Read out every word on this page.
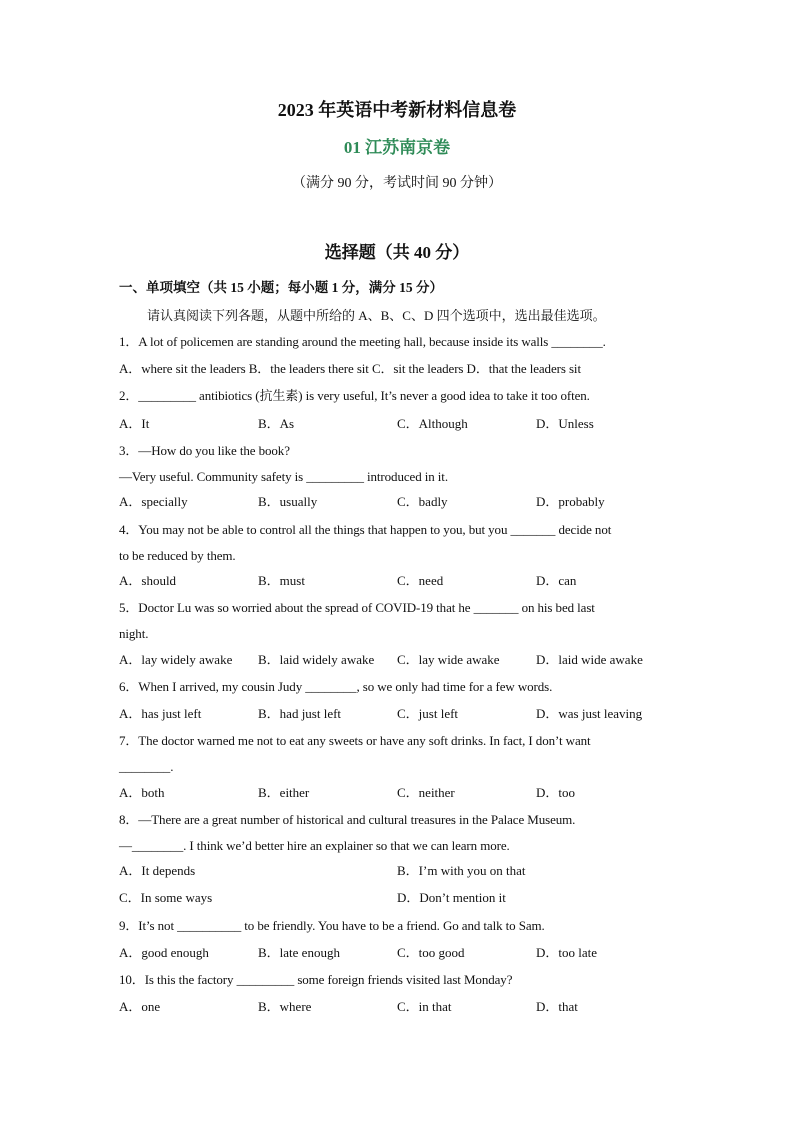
2023 年英语中考新材料信息卷
01 江苏南京卷
（满分 90 分，考试时间 90 分钟）
选择题（共 40 分）
一、单项填空（共 15 小题；每小题 1 分，满分 15 分）
请认真阅读下列各题，从题中所给的 A、B、C、D 四个选项中，选出最佳选项。
1．A lot of policemen are standing around the meeting hall, because inside its walls ________.
A．where sit the leaders B．the leaders there sit C．sit the leaders D．that the leaders sit
2．_________ antibiotics (抗生素) is very useful, It’s never a good idea to take it too often.
A．It	B．As	C．Although	D．Unless
3．—How do you like the book?
—Very useful. Community safety is _________ introduced in it.
A．specially	B．usually	C．badly	D．probably
4．You may not be able to control all the things that happen to you, but you _______ decide not
to be reduced by them.
A．should	B．must	C．need	D．can
5．Doctor Lu was so worried about the spread of COVID-19 that he _______ on his bed last
night.
A．lay widely awake B．laid widely awake C．lay wide awake	D．laid wide awake
6．When I arrived, my cousin Judy ________, so we only had time for a few words.
A．has just left	B．had just left	C．just left	D．was just leaving
7．The doctor warned me not to eat any sweets or have any soft drinks. In fact, I don’t want
________.
A．both	B．either	C．neither	D．too
8．—There are a great number of historical and cultural treasures in the Palace Museum.
—________. I think we’d better hire an explainer so that we can learn more.
A．It depends	B．I’m with you on that
C．In some ways	D．Don’t mention it
9．It’s not __________ to be friendly. You have to be a friend. Go and talk to Sam.
A．good enough	B．late enough	C．too good	D．too late
10．Is this the factory _________ some foreign friends visited last Monday?
A．one	B．where	C．in that	D．that
